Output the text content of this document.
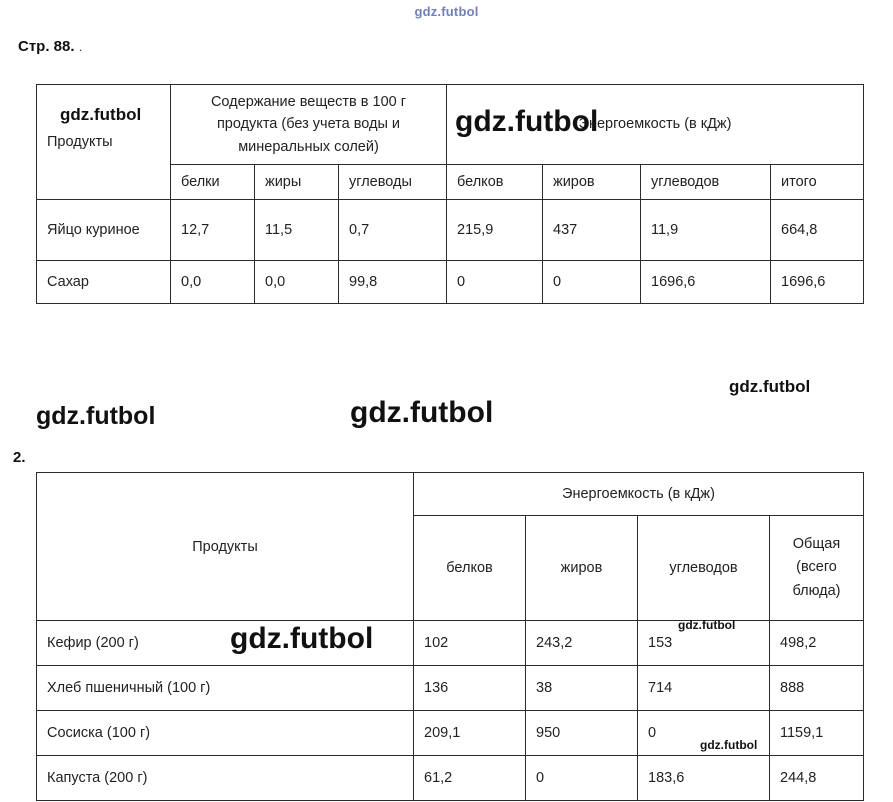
gdz.futbol
Стр. 88. .
Продукты	Содержание веществ в 100 г продукта (без учета воды и минеральных солей)			Энергоемкость (в кДж)			
	белки	жиры	углеводы	белков	жиров	углеводов	итого
Яйцо куриное	12,7	11,5	0,7	215,9	437	11,9	664,8
Сахар	0,0	0,0	99,8	0	0	1696,6	1696,6
2.
Продукты	Энергоемкость (в кДж)			
	белков	жиров	углеводов	Общая (всего блюда)
Кефир (200 г)	102	243,2	153	498,2
Хлеб пшеничный (100 г)	136	38	714	888
Сосиска (100 г)	209,1	950	0	1159,1
Капуста (200 г)	61,2	0	183,6	244,8
gdz.futbol	gdz.futbol
gdz.futbol
gdz.futbol	gdz.futbol
gdz.futbol	gdz.futbol
gdz.futbol
